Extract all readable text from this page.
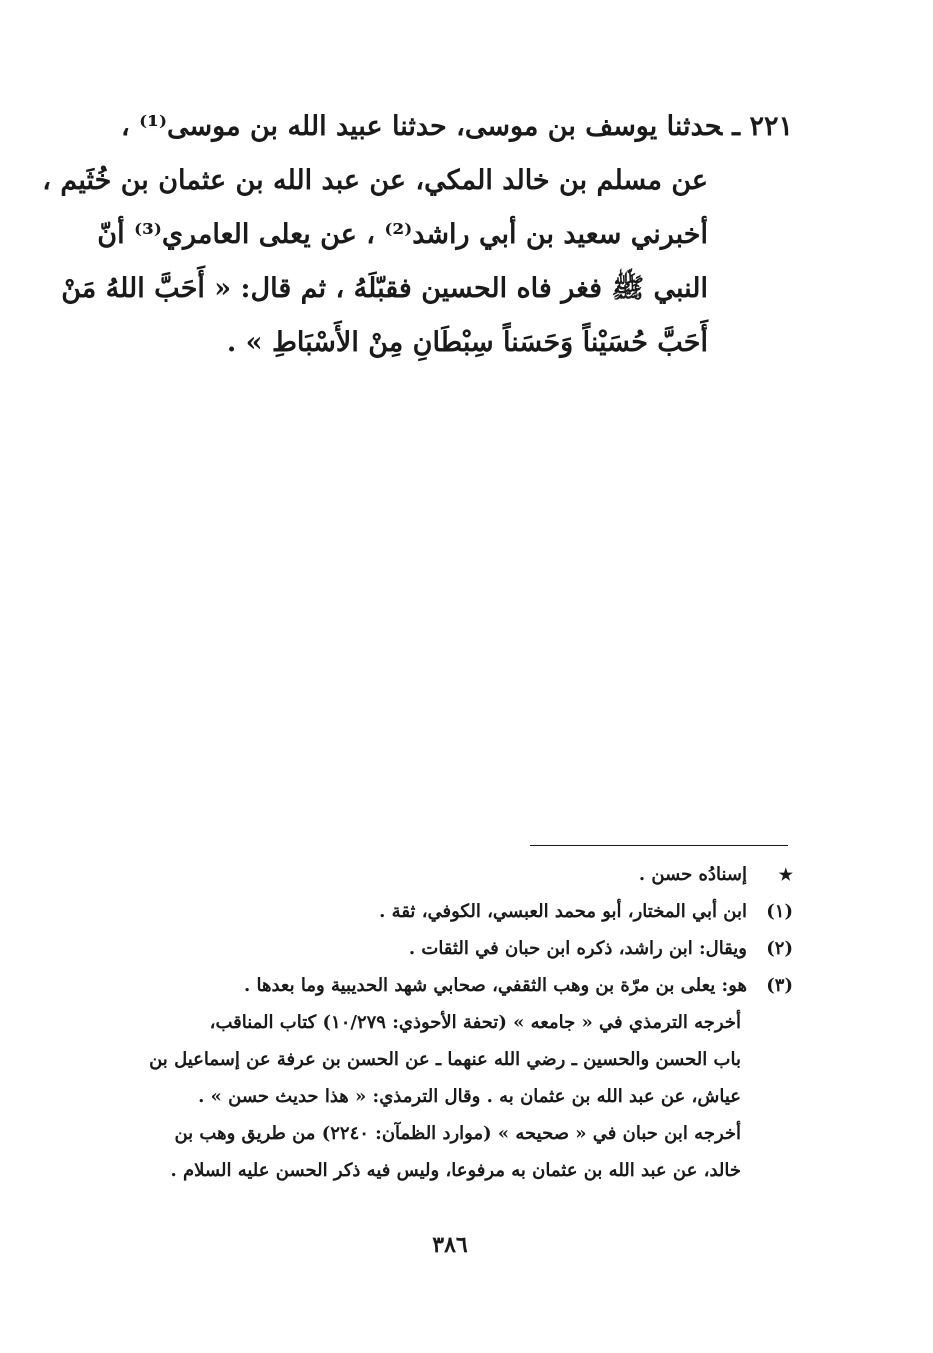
٢٢١ ـحدثنا يوسف بن موسى، حدثنا عبيد الله بن موسى⁽¹⁾ ،
عن مسلم بن خالد المكي، عن عبد الله بن عثمان بن خُثَيم ،
أخبرني سعيد بن أبي راشد⁽²⁾ ، عن يعلى العامري⁽³⁾ أنّ
النبي ﷺ فغر فاه الحسين فقبّلَهُ ، ثم قال: « أَحَبَّ اللهُ مَنْ
أَحَبَّ حُسَيْناً وَحَسَناً سِبْطَانِ مِنْ الأَسْبَاطِ » .
★إسنادُه حسن .
(١)ابن أبي المختار، أبو محمد العبسي، الكوفي، ثقة .
(٢)ويقال: ابن راشد، ذكره ابن حبان في الثقات .
(٣)هو: يعلى بن مرّة بن وهب الثقفي، صحابي شهد الحديبية وما بعدها .
أخرجه الترمذي في « جامعه » (تحفة الأحوذي: ١٠/٢٧٩) كتاب المناقب،
باب الحسن والحسين ـ رضي الله عنهما ـ عن الحسن بن عرفة عن إسماعيل بن
عياش، عن عبد الله بن عثمان به . وقال الترمذي: « هذا حديث حسن » .
أخرجه ابن حبان في « صحيحه » (موارد الظمآن: ٢٢٤٠) من طريق وهب بن
خالد، عن عبد الله بن عثمان به مرفوعا، وليس فيه ذكر الحسن عليه السلام .
٣٨٦
